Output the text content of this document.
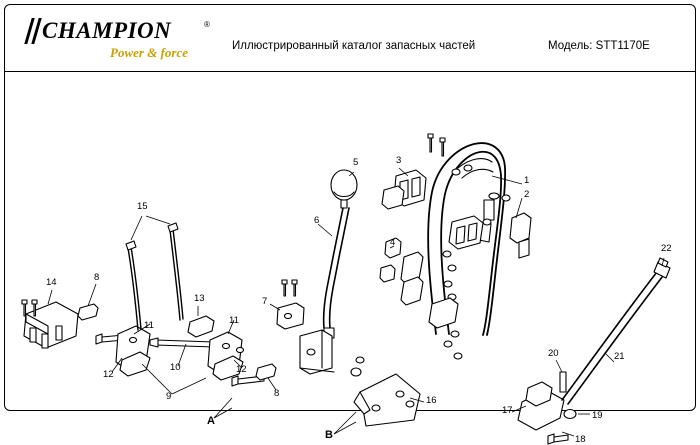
CHAMPION	®
Power & force	Иллюстрированный каталог запасных частей	Модель: STT1170E
1
2
3
4
5
6
7
8
8
9
10
11	11
12	12
13
14
15
16
17
18
19
20	21
22
A
B
